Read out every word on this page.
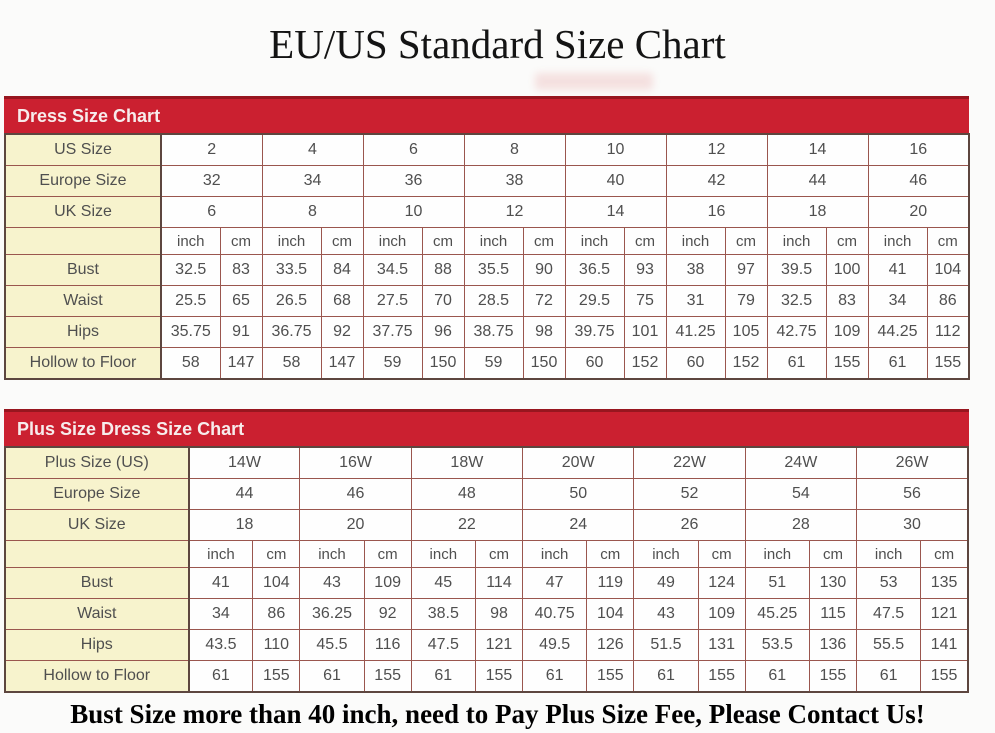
EU/US Standard Size Chart
Dress Size Chart
US Size	2		4		6		8		10		12		14		16	
Europe Size	32		34		36		38		40		42		44		46	
UK Size	6		8		10		12		14		16		18		20	
	inch	cm	inch	cm	inch	cm	inch	cm	inch	cm	inch	cm	inch	cm	inch	cm
Bust	32.5	83	33.5	84	34.5	88	35.5	90	36.5	93	38	97	39.5	100	41	104
Waist	25.5	65	26.5	68	27.5	70	28.5	72	29.5	75	31	79	32.5	83	34	86
Hips	35.75	91	36.75	92	37.75	96	38.75	98	39.75	101	41.25	105	42.75	109	44.25	112
Hollow to Floor	58	147	58	147	59	150	59	150	60	152	60	152	61	155	61	155
Plus Size Dress Size Chart
Plus Size (US)	14W		16W		18W		20W		22W		24W		26W	
Europe Size	44		46		48		50		52		54		56	
UK Size	18		20		22		24		26		28		30	
	inch	cm	inch	cm	inch	cm	inch	cm	inch	cm	inch	cm	inch	cm
Bust	41	104	43	109	45	114	47	119	49	124	51	130	53	135
Waist	34	86	36.25	92	38.5	98	40.75	104	43	109	45.25	115	47.5	121
Hips	43.5	110	45.5	116	47.5	121	49.5	126	51.5	131	53.5	136	55.5	141
Hollow to Floor	61	155	61	155	61	155	61	155	61	155	61	155	61	155
Bust Size more than 40 inch, need to Pay Plus Size Fee, Please Contact Us!
